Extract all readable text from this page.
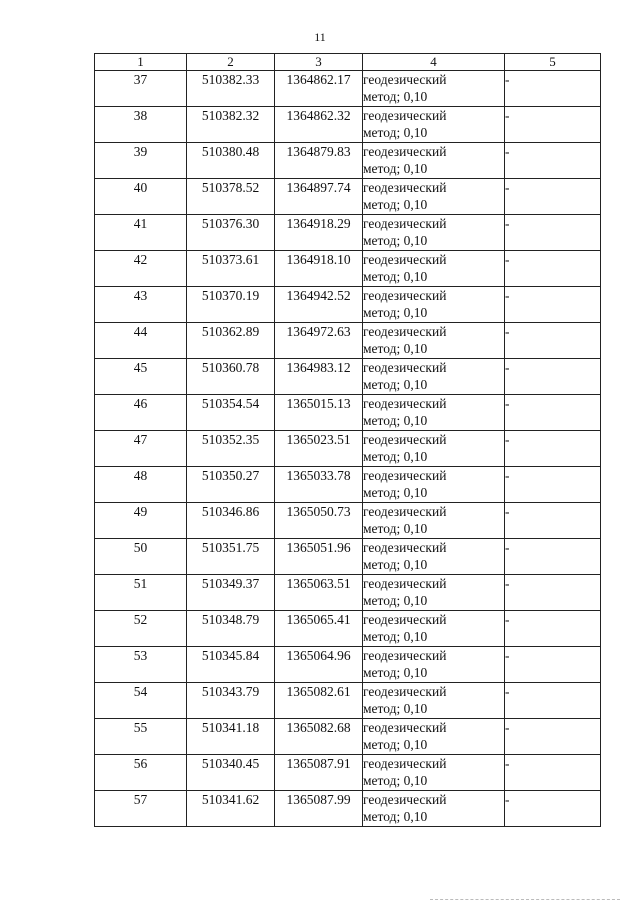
11
1	2	3	4	5
37	510382.33	1364862.17	геодезический
метод; 0,10	-
38	510382.32	1364862.32	геодезический
метод; 0,10	-
39	510380.48	1364879.83	геодезический
метод; 0,10	-
40	510378.52	1364897.74	геодезический
метод; 0,10	-
41	510376.30	1364918.29	геодезический
метод; 0,10	-
42	510373.61	1364918.10	геодезический
метод; 0,10	-
43	510370.19	1364942.52	геодезический
метод; 0,10	-
44	510362.89	1364972.63	геодезический
метод; 0,10	-
45	510360.78	1364983.12	геодезический
метод; 0,10	-
46	510354.54	1365015.13	геодезический
метод; 0,10	-
47	510352.35	1365023.51	геодезический
метод; 0,10	-
48	510350.27	1365033.78	геодезический
метод; 0,10	-
49	510346.86	1365050.73	геодезический
метод; 0,10	-
50	510351.75	1365051.96	геодезический
метод; 0,10	-
51	510349.37	1365063.51	геодезический
метод; 0,10	-
52	510348.79	1365065.41	геодезический
метод; 0,10	-
53	510345.84	1365064.96	геодезический
метод; 0,10	-
54	510343.79	1365082.61	геодезический
метод; 0,10	-
55	510341.18	1365082.68	геодезический
метод; 0,10	-
56	510340.45	1365087.91	геодезический
метод; 0,10	-
57	510341.62	1365087.99	геодезический
метод; 0,10	-
